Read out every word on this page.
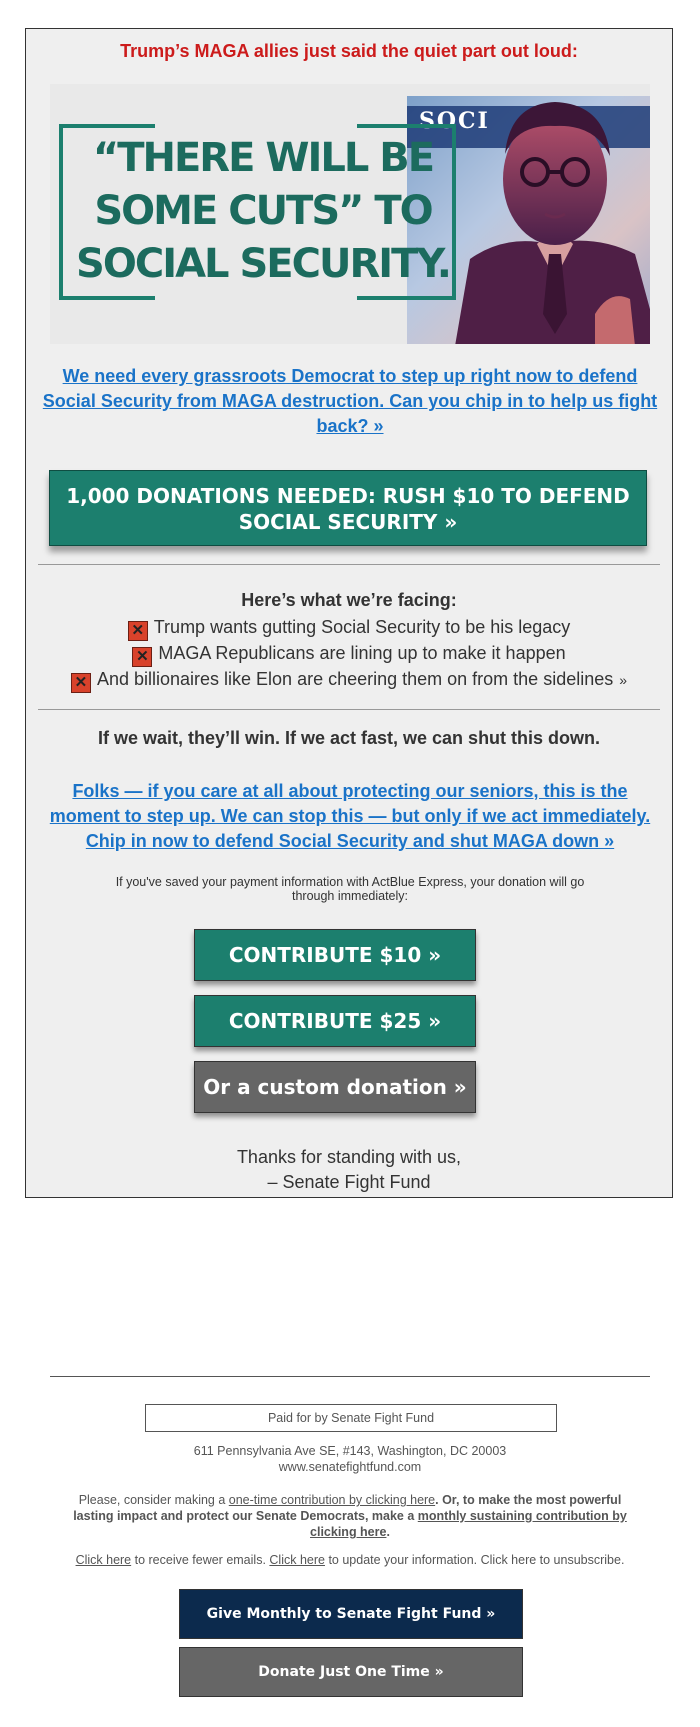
Trump’s MAGA allies just said the quiet part out loud:
SOCI
“THERE WILL BE
SOME CUTS” TO
SOCIAL SECURITY.
We need every grassroots Democrat to step up right now to defend Social Security from MAGA destruction. Can you chip in to help us fight back? »
1,000 DONATIONS NEEDED: RUSH $10 TO DEFEND SOCIAL SECURITY »
Here’s what we’re facing:
✕ Trump wants gutting Social Security to be his legacy
✕ MAGA Republicans are lining up to make it happen
✕ And billionaires like Elon are cheering them on from the sidelines »
If we wait, they’ll win. If we act fast, we can shut this down.
Folks — if you care at all about protecting our seniors, this is the moment to step up. We can stop this — but only if we act immediately. Chip in now to defend Social Security and shut MAGA down »
If you've saved your payment information with ActBlue Express, your donation will go through immediately:
CONTRIBUTE $10 »
CONTRIBUTE $25 »
Or a custom donation »
Thanks for standing with us,
– Senate Fight Fund
Paid for by Senate Fight Fund
611 Pennsylvania Ave SE, #143, Washington, DC 20003
www.senatefightfund.com
Please, consider making a one-time contribution by clicking here. Or, to make the most powerful lasting impact and protect our Senate Democrats, make a monthly sustaining contribution by clicking here.
Click here to receive fewer emails. Click here to update your information. Click here to unsubscribe.
Give Monthly to Senate Fight Fund »
Donate Just One Time »
